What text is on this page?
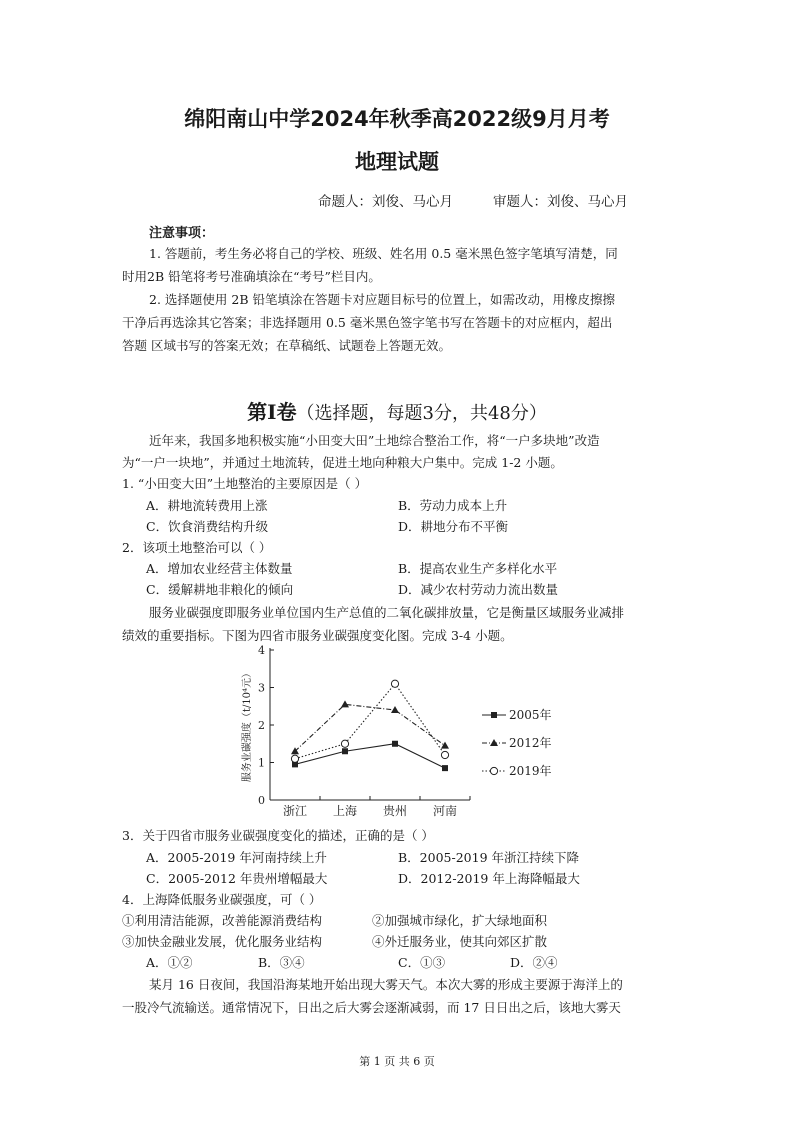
绵阳南山中学2024年秋季高2022级9月月考
地理试题
命题人：刘俊、马心月	审题人：刘俊、马心月
注意事项：
1. 答题前，考生务必将自己的学校、班级、姓名用 0.5 毫米黑色签字笔填写清楚，同
时用2B 铅笔将考号准确填涂在“考号”栏目内。
2. 选择题使用 2B 铅笔填涂在答题卡对应题目标号的位置上，如需改动，用橡皮擦擦
干净后再选涂其它答案；非选择题用 0.5 毫米黑色签字笔书写在答题卡的对应框内，超出
答题 区域书写的答案无效；在草稿纸、试题卷上答题无效。
第Ⅰ卷（选择题，每题3分，共48分）
近年来，我国多地积极实施“小田变大田”土地综合整治工作，将“一户多块地”改造
为“一户一块地”，并通过土地流转，促进土地向种粮大户集中。完成 1-2 小题。
1. “小田变大田”土地整治的主要原因是（ ）
A．耕地流转费用上涨	B．劳动力成本上升
C．饮食消费结构升级	D．耕地分布不平衡
2．该项土地整治可以（ ）
A．增加农业经营主体数量	B．提高农业生产多样化水平
C．缓解耕地非粮化的倾向	D．减少农村劳动力流出数量
服务业碳强度即服务业单位国内生产总值的二氧化碳排放量，它是衡量区域服务业减排
绩效的重要指标。下图为四省市服务业碳强度变化图。完成 3-4 小题。
0
1
2
3
4
浙江 上海 贵州 河南
服务业碳强度（t/10⁴元）	2005年
2012年
2019年
3．关于四省市服务业碳强度变化的描述，正确的是（ ）
A．2005-2019 年河南持续上升	B．2005-2019 年浙江持续下降
C．2005-2012 年贵州增幅最大	D．2012-2019 年上海降幅最大
4．上海降低服务业碳强度，可（ ）
①利用清洁能源，改善能源消费结构	②加强城市绿化，扩大绿地面积
③加快金融业发展，优化服务业结构	④外迁服务业，使其向郊区扩散
A．①②	B．③④	C．①③	D．②④
某月 16 日夜间，我国沿海某地开始出现大雾天气。本次大雾的形成主要源于海洋上的
一股冷气流输送。通常情况下，日出之后大雾会逐渐减弱，而 17 日日出之后，该地大雾天
第 1 页 共 6 页
